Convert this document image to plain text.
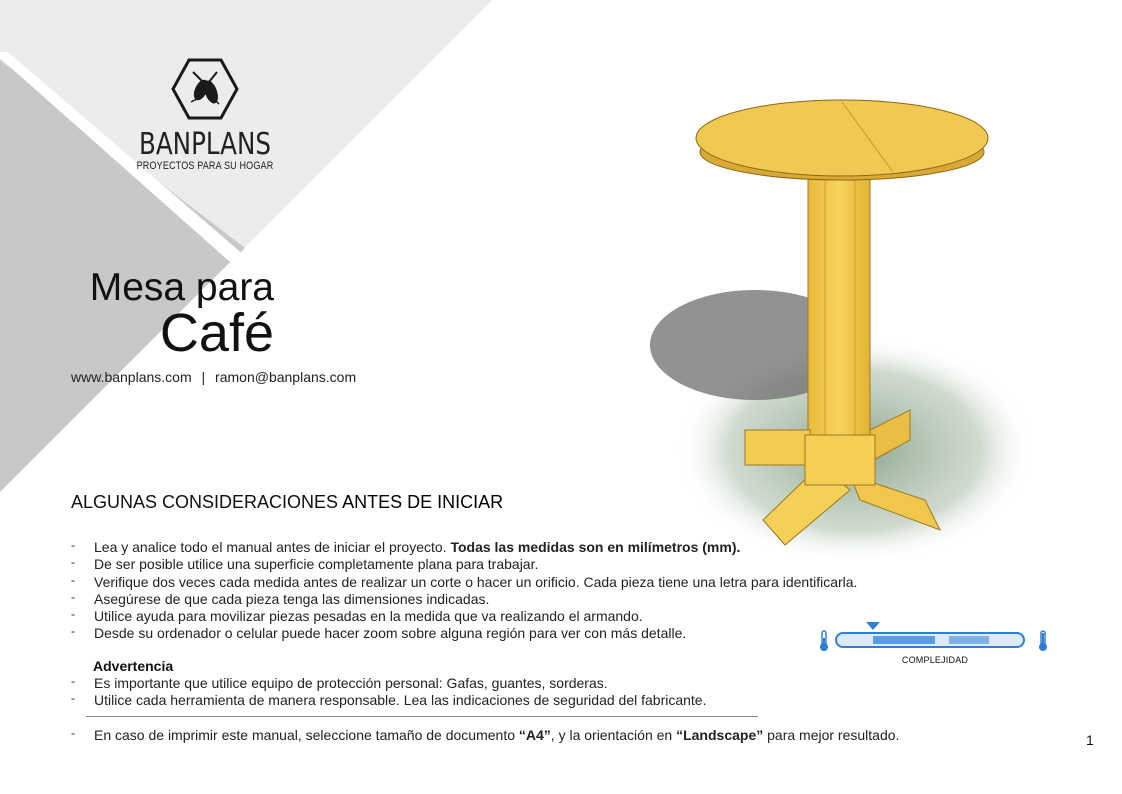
BANPLANS
PROYECTOS PARA SU HOGAR
Mesa para
Café
www.banplans.com | ramon@banplans.com
ALGUNAS CONSIDERACIONES ANTES DE INICIAR
- Lea y analice todo el manual antes de iniciar el proyecto. Todas las medidas son en milímetros (mm).
- De ser posible utilice una superficie completamente plana para trabajar.
- Verifique dos veces cada medida antes de realizar un corte o hacer un orificio. Cada pieza tiene una letra para identificarla.
- Asegúrese de que cada pieza tenga las dimensiones indicadas.
- Utilice ayuda para movilizar piezas pesadas en la medida que va realizando el armando.
- Desde su ordenador o celular puede hacer zoom sobre alguna región para ver con más detalle.
Advertencia
- Es importante que utilice equipo de protección personal: Gafas, guantes, sorderas.
- Utilice cada herramienta de manera responsable. Lea las indicaciones de seguridad del fabricante.
- En caso de imprimir este manual, seleccione tamaño de documento “A4”, y la orientación en “Landscape” para mejor resultado.
COMPLEJIDAD
1
